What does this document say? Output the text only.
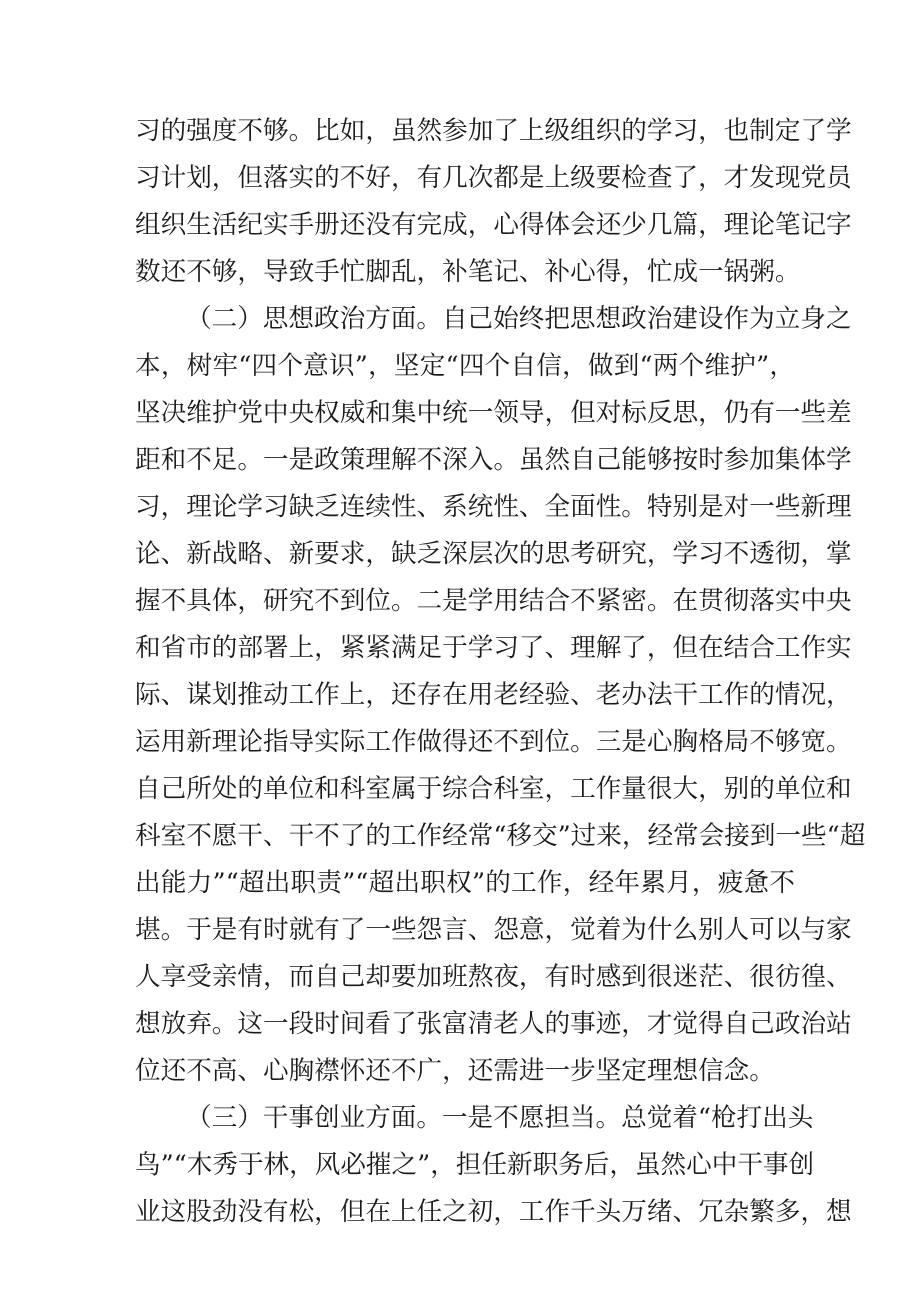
习的强度不够。比如，虽然参加了上级组织的学习，也制定了学

习计划，但落实的不好，有几次都是上级要检查了，才发现党员

组织生活纪实手册还没有完成，心得体会还少几篇，理论笔记字

数还不够，导致手忙脚乱，补笔记、补心得，忙成一锅粥。

（二）思想政治方面。自己始终把思想政治建设作为立身之

本，树牢“四个意识”，坚定“四个自信，做到“两个维护”，

坚决维护党中央权威和集中统一领导，但对标反思，仍有一些差

距和不足。一是政策理解不深入。虽然自己能够按时参加集体学

习，理论学习缺乏连续性、系统性、全面性。特别是对一些新理

论、新战略、新要求，缺乏深层次的思考研究，学习不透彻，掌

握不具体，研究不到位。二是学用结合不紧密。在贯彻落实中央

和省市的部署上，紧紧满足于学习了、理解了，但在结合工作实

际、谋划推动工作上，还存在用老经验、老办法干工作的情况，

运用新理论指导实际工作做得还不到位。三是心胸格局不够宽。

自己所处的单位和科室属于综合科室，工作量很大，别的单位和

科室不愿干、干不了的工作经常“移交”过来，经常会接到一些“超

出能力”“超出职责”“超出职权”的工作，经年累月，疲惫不

堪。于是有时就有了一些怨言、怨意，觉着为什么别人可以与家

人享受亲情，而自己却要加班熬夜，有时感到很迷茫、很彷徨、

想放弃。这一段时间看了张富清老人的事迹，才觉得自己政治站

位还不高、心胸襟怀还不广，还需进一步坚定理想信念。

（三）干事创业方面。一是不愿担当。总觉着“枪打出头

鸟”“木秀于林，风必摧之”，担任新职务后，虽然心中干事创

业这股劲没有松，但在上任之初，工作千头万绪、冗杂繁多，想
